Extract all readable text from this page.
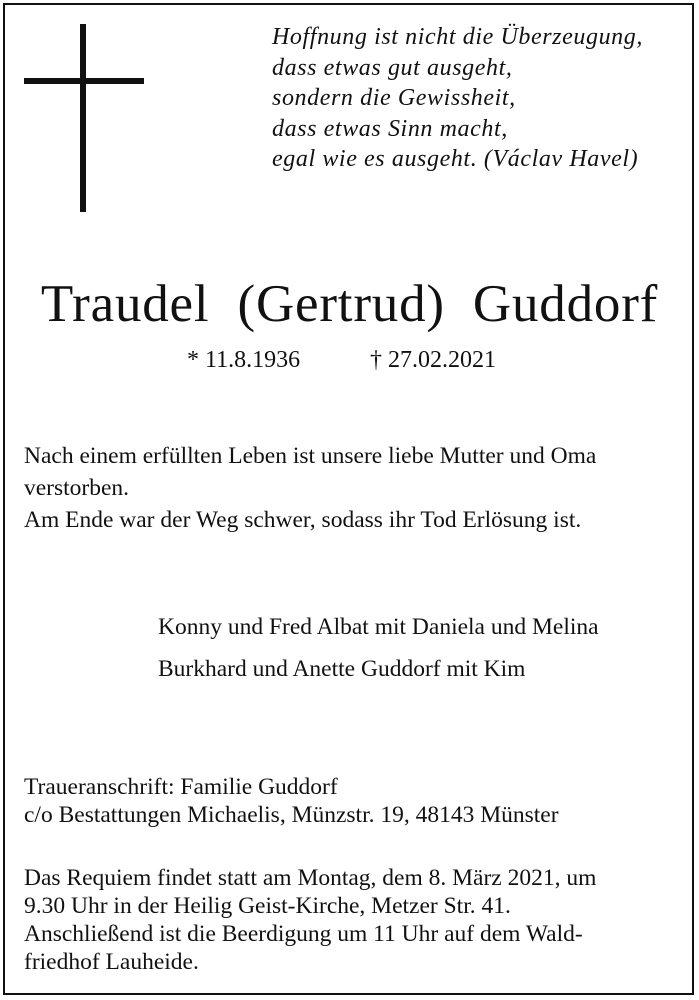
Hoffnung ist nicht die Überzeugung,
dass etwas gut ausgeht,
sondern die Gewissheit,
dass etwas Sinn macht,
egal wie es ausgeht. (Václav Havel)
Traudel  (Gertrud)  Guddorf
* 11.8.1936	† 27.02.2021
Nach einem erfüllten Leben ist unsere liebe Mutter und Oma
verstorben.
Am Ende war der Weg schwer, sodass ihr Tod Erlösung ist.
Konny und Fred Albat mit Daniela und Melina
Burkhard und Anette Guddorf mit Kim
Traueranschrift: Familie Guddorf
c/o Bestattungen Michaelis, Münzstr. 19, 48143 Münster
Das Requiem findet statt am Montag, dem 8. März 2021, um
9.30 Uhr in der Heilig Geist-Kirche, Metzer Str. 41.
Anschließend ist die Beerdigung um 11 Uhr auf dem Wald-
friedhof Lauheide.
